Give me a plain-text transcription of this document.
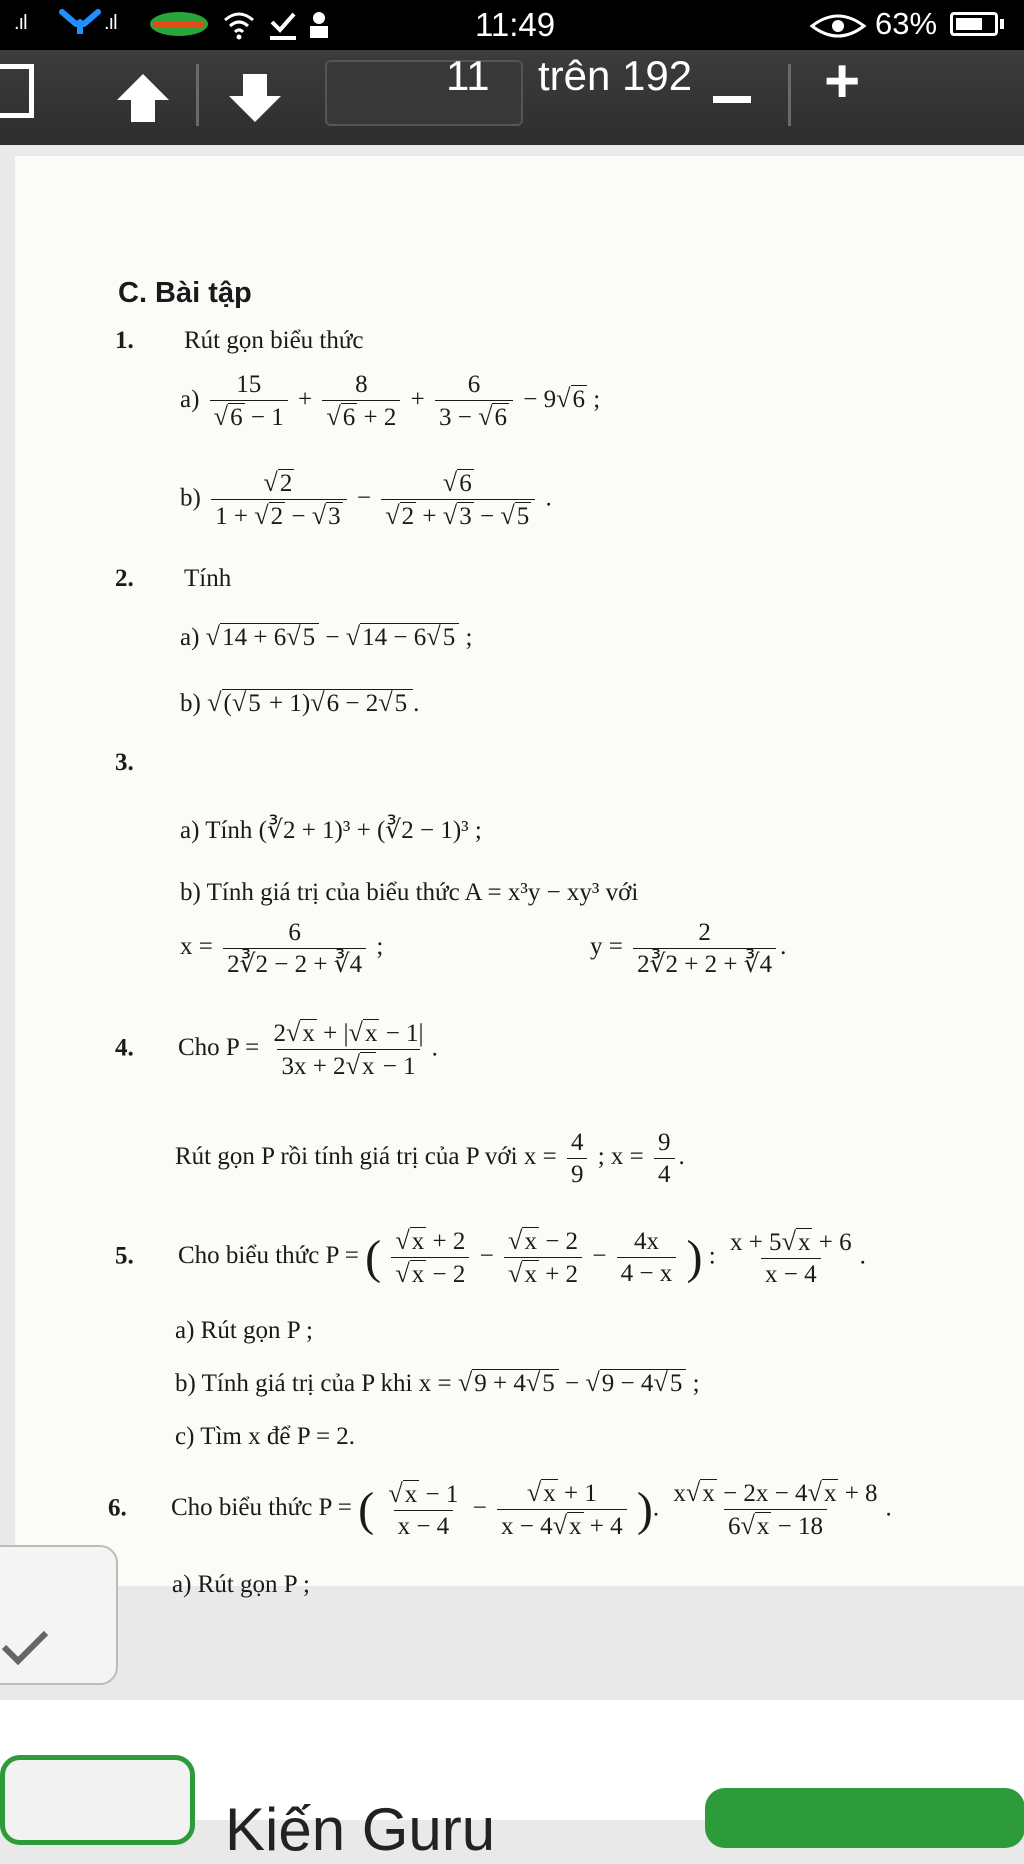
.ıl	.ıl	11:49	63%
11 trên 192 +
C. Bài tập
1. Rút gọn biểu thức
$a) \frac{15}{√6 - 1} + \frac{8}{√6 + 2} + \frac{6}{3 - √6} - 9√6$ ;
$b) \frac{√2}{1 + √2 - √3} - \frac{√6}{√2 + √3 - √5}$ .
2. Tính
a) √14 + 6√5 − √14 − 6√5 ;
b) √(√5 + 1)√6 − 2√5 .
3.
a) Tính (∛2 + 1)³ + (∛2 − 1)³ ;
b) Tính giá trị của biểu thức A = x³y − xy³ với
$x = \frac{6}{2∛2 - 2 + ∛4}$ ;	$y = \frac{2}{2∛2 + 2 + ∛4}$ .
4. Cho $P = \frac{2√x + |√x - 1|}{3x + 2√x - 1}$ .
Rút gọn P rồi tính giá trị của P với $x = \frac{4}{9}$ ; $x = \frac{9}{4}$ .
5. Cho biểu thức P = ( $\frac{√x + 2}{√x - 2} - \frac{√x - 2}{√x + 2} - \frac{4x}{4 - x}$ ) : $\frac{x + 5√x + 6}{x - 4}$ .
a) Rút gọn P ;
b) Tính giá trị của P khi x = √9 + 4√5 − √9 − 4√5 ;
c) Tìm x để P = 2.
6. Cho biểu thức P = ( $\frac{√x - 1}{x - 4} - \frac{√x + 1}{x - 4√x + 4}$ ). $\frac{x√x - 2x - 4√x + 8}{6√x - 18}$ .
a) Rút gọn P ;
Kiến Guru
